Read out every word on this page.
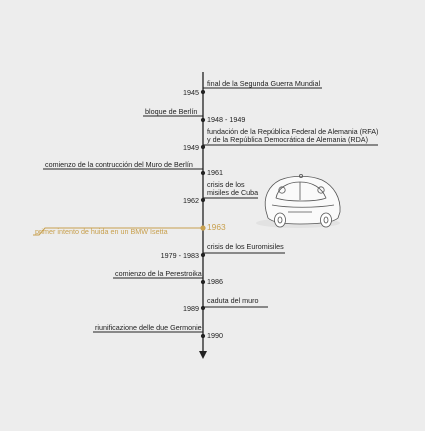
final de la Segunda Guerra Mundial
1945
bloque de Berlín
1948 - 1949
fundación de la República Federal de Alemania (RFA)
y de la República Democrática de Alemania (RDA)
1949
comienzo de la contrucción del Muro de Berlín
1961
crisis de los
misiles de Cuba
1962
primer intento de huida en un BMW Isetta	1963
crisis de los Euromisiles
1979 - 1983
comienzo de la Perestroika
1986
caduta del muro
1989
riunificazione delle due Germonie
1990
